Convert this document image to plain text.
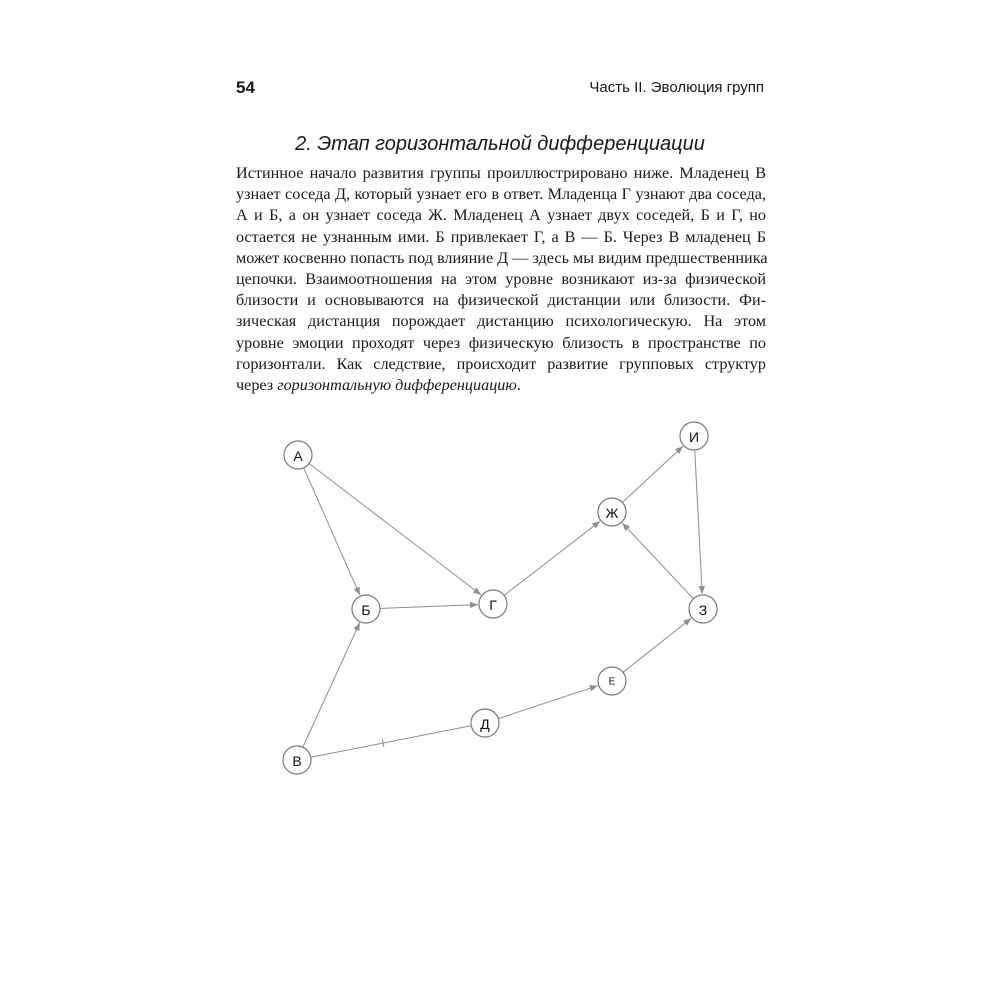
54	Часть II. Эволюция групп
2. Этап горизонтальной дифференциации
Истинное начало развития группы проиллюстрировано ниже. Младенец В
узнает соседа Д, который узнает его в ответ. Младенца Г узнают два соседа,
А и Б, а он узнает соседа Ж. Младенец А узнает двух соседей, Б и Г, но
остается не узнанным ими. Б привлекает Г, а В — Б. Через В младенец Б
может косвенно попасть под влияние Д — здесь мы видим предшественника
цепочки. Взаимоотношения на этом уровне возникают из-за физической
близости и основываются на физической дистанции или близости. Фи-
зическая дистанция порождает дистанцию психологическую. На этом
уровне эмоции проходят через физическую близость в пространстве по
горизонтали. Как следствие, происходит развитие групповых структур
через горизонтальную дифференциацию.
А
Б
В
Г
Д
Е
Ж
З
И
